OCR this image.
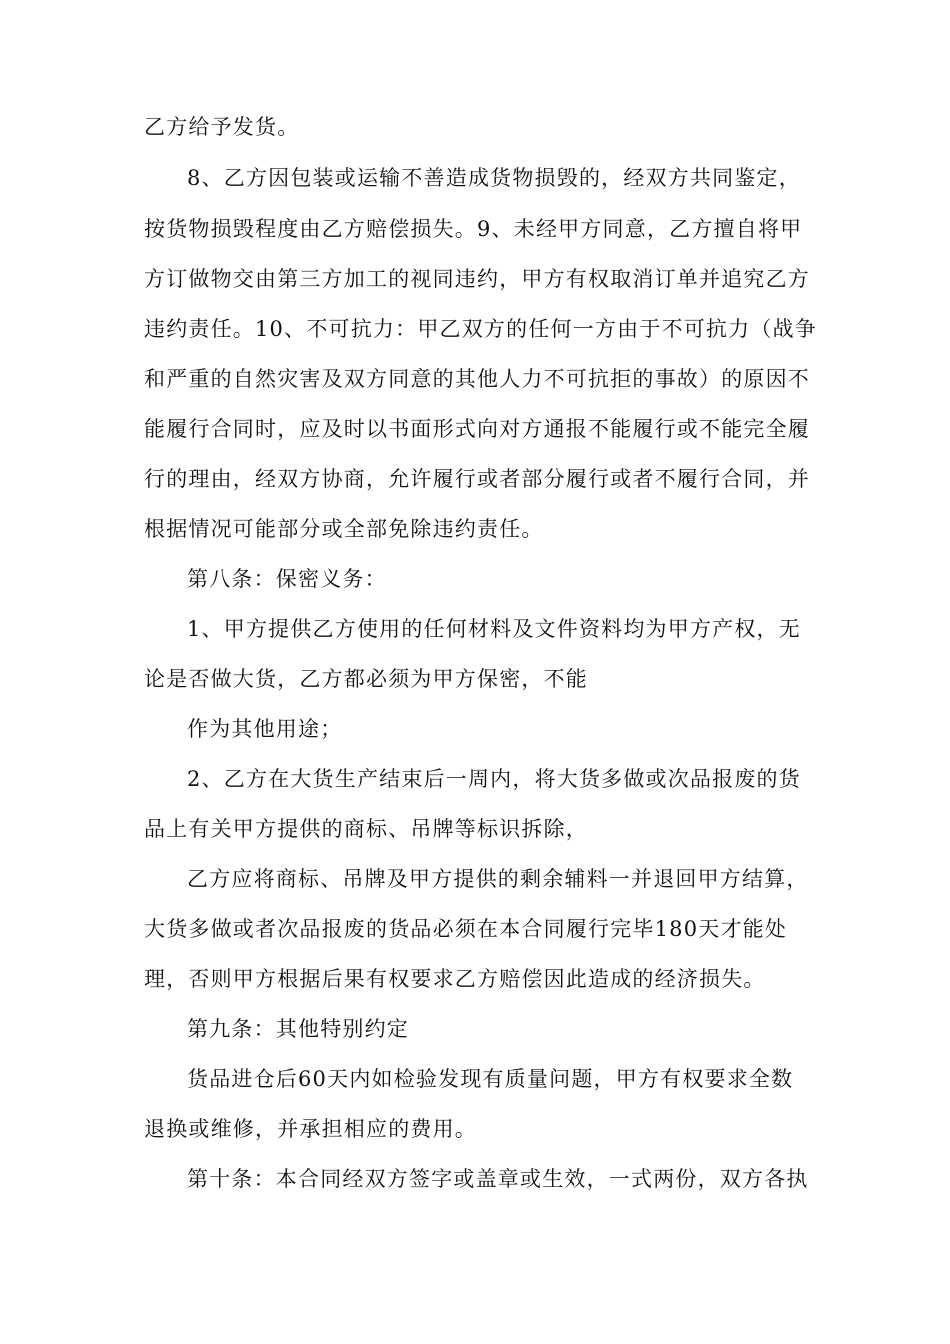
乙方给予发货。
8、乙方因包装或运输不善造成货物损毁的，经双方共同鉴定，
按货物损毁程度由乙方赔偿损失。9、未经甲方同意，乙方擅自将甲
方订做物交由第三方加工的视同违约，甲方有权取消订单并追究乙方
违约责任。10、不可抗力：甲乙双方的任何一方由于不可抗力（战争
和严重的自然灾害及双方同意的其他人力不可抗拒的事故）的原因不
能履行合同时，应及时以书面形式向对方通报不能履行或不能完全履
行的理由，经双方协商，允许履行或者部分履行或者不履行合同，并
根据情况可能部分或全部免除违约责任。
第八条：保密义务：
1、甲方提供乙方使用的任何材料及文件资料均为甲方产权，无
论是否做大货，乙方都必须为甲方保密，不能
作为其他用途；
2、乙方在大货生产结束后一周内，将大货多做或次品报废的货
品上有关甲方提供的商标、吊牌等标识拆除，
乙方应将商标、吊牌及甲方提供的剩余辅料一并退回甲方结算，
大货多做或者次品报废的货品必须在本合同履行完毕180天才能处
理，否则甲方根据后果有权要求乙方赔偿因此造成的经济损失。
第九条：其他特别约定
货品进仓后60天内如检验发现有质量问题，甲方有权要求全数
退换或维修，并承担相应的费用。
第十条：本合同经双方签字或盖章或生效，一式两份，双方各执
